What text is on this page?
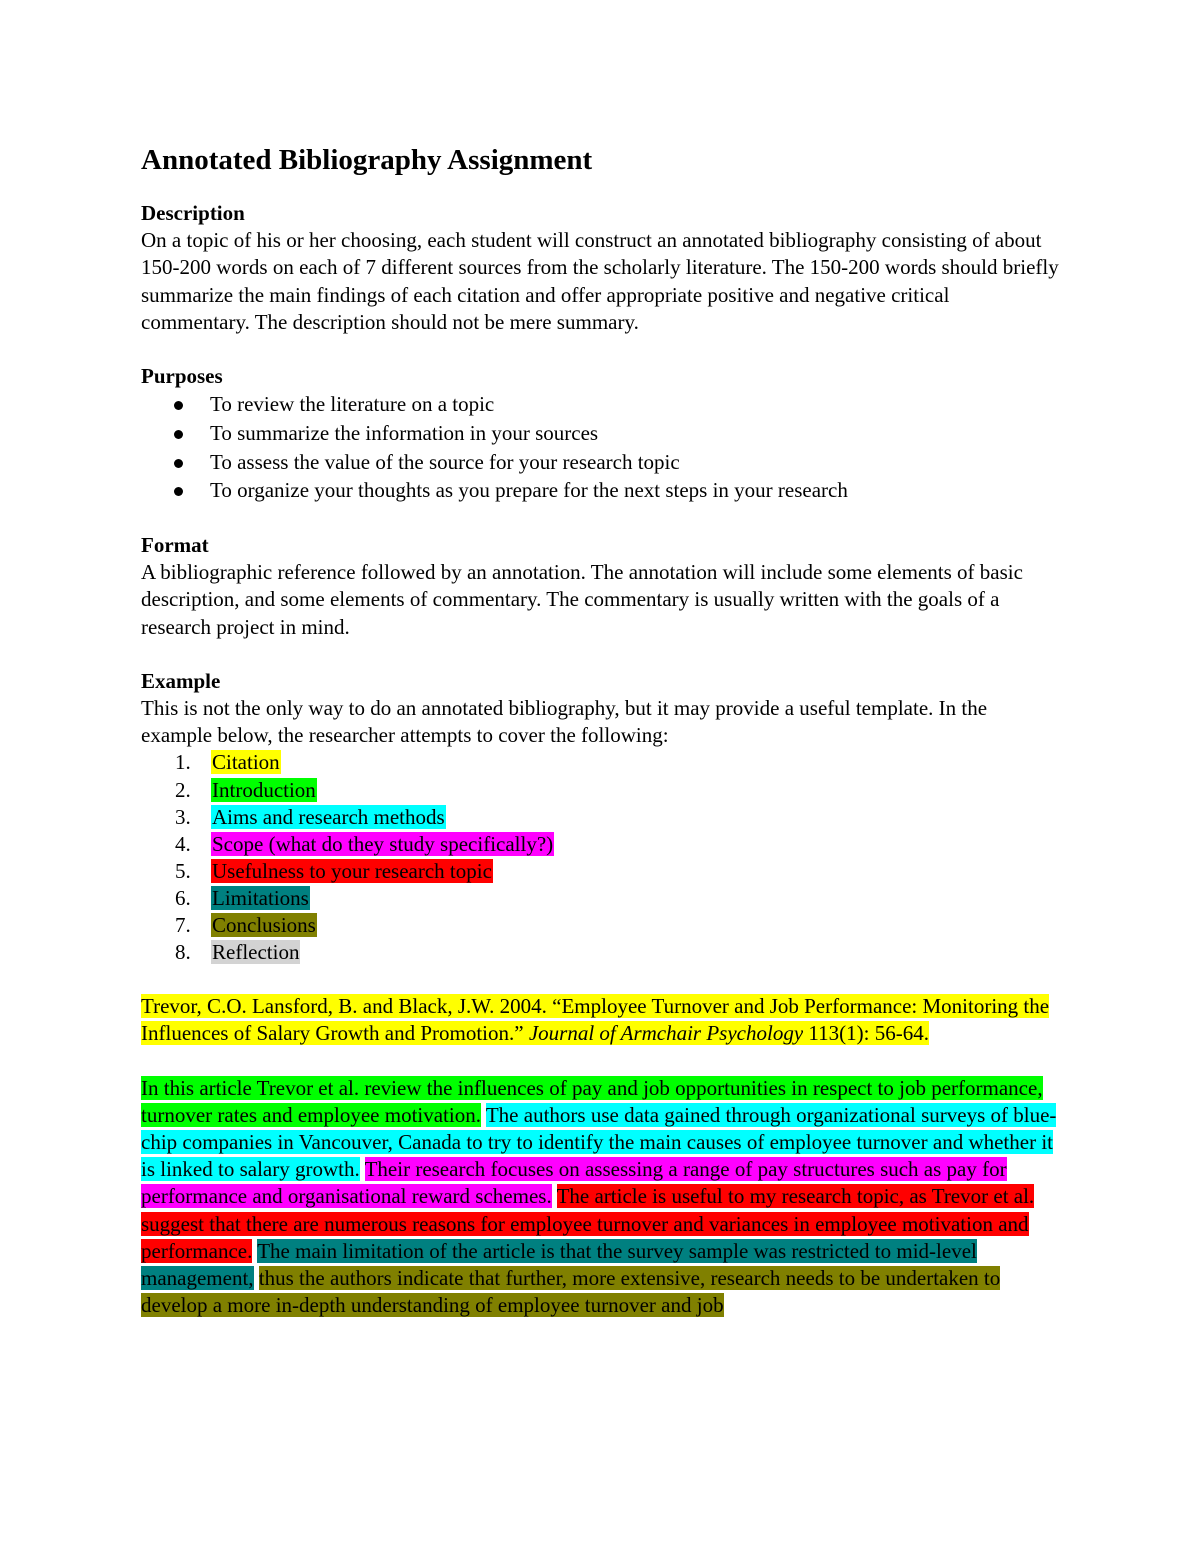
Annotated Bibliography Assignment

Description

On a topic of his or her choosing, each student will construct an annotated bibliography consisting of about 150-200 words on each of 7 different sources from the scholarly literature. The 150-200 words should briefly summarize the main findings of each citation and offer appropriate positive and negative critical commentary. The description should not be mere summary.

Purposes

To review the literature on a topic
To summarize the information in your sources
To assess the value of the source for your research topic
To organize your thoughts as you prepare for the next steps in your research

Format

A bibliographic reference followed by an annotation. The annotation will include some elements of basic description, and some elements of commentary. The commentary is usually written with the goals of a research project in mind.

Example

This is not the only way to do an annotated bibliography, but it may provide a useful template. In the example below, the researcher attempts to cover the following:

1. Citation
2. Introduction
3. Aims and research methods
4. Scope (what do they study specifically?)
5. Usefulness to your research topic
6. Limitations
7. Conclusions
8. Reflection

Trevor, C.O. Lansford, B. and Black, J.W. 2004. “Employee Turnover and Job Performance: Monitoring the Influences of Salary Growth and Promotion.” Journal of Armchair Psychology 113(1): 56-64.

In this article Trevor et al. review the influences of pay and job opportunities in respect to job performance, turnover rates and employee motivation. The authors use data gained through organizational surveys of blue-chip companies in Vancouver, Canada to try to identify the main causes of employee turnover and whether it is linked to salary growth. Their research focuses on assessing a range of pay structures such as pay for performance and organisational reward schemes. The article is useful to my research topic, as Trevor et al. suggest that there are numerous reasons for employee turnover and variances in employee motivation and performance. The main limitation of the article is that the survey sample was restricted to mid-level management, thus the authors indicate that further, more extensive, research needs to be undertaken to develop a more in-depth understanding of employee turnover and job
